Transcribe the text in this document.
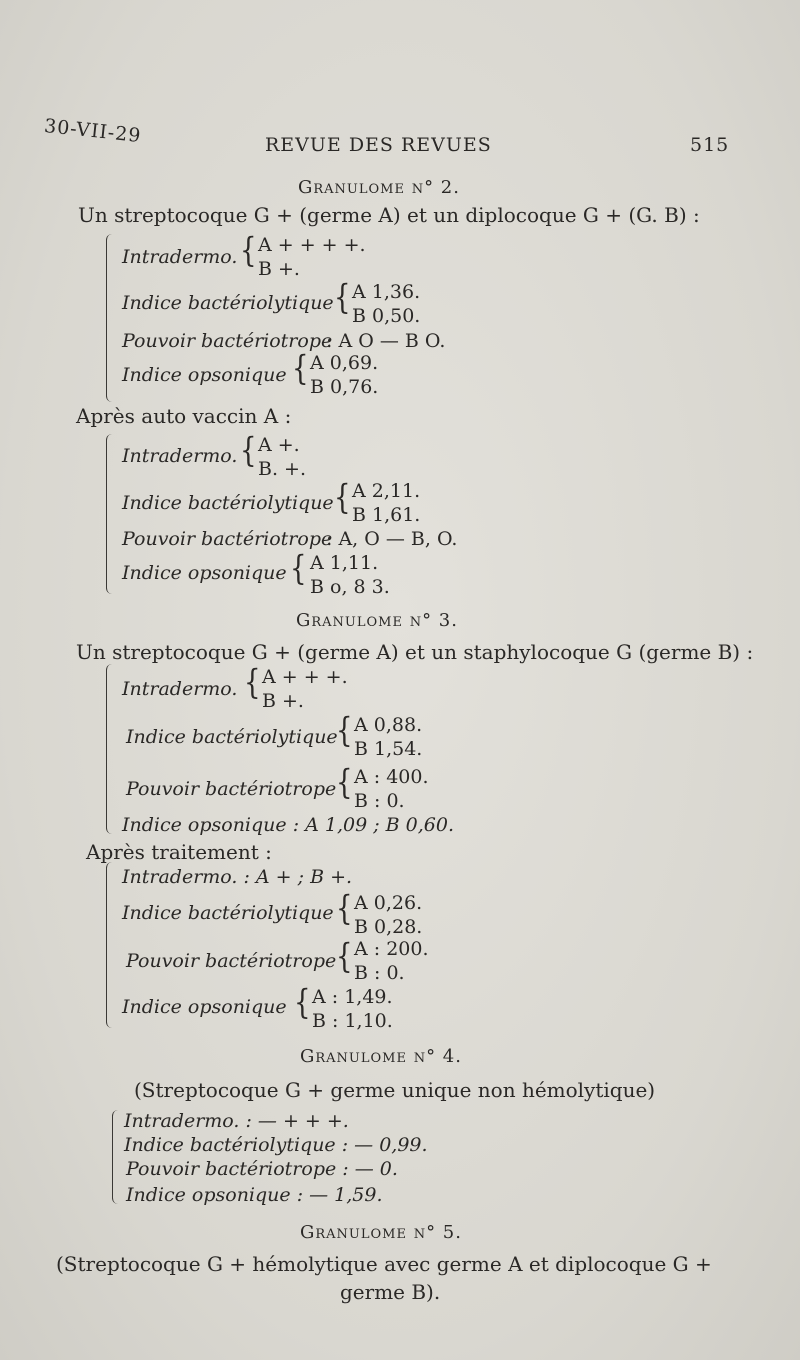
30-VII-29	REVUE DES REVUES	515
Granulome n° 2.
Un streptocoque G + (germe A) et un diplocoque G + (G. B) :
Intradermo. { A + + + +.
B +.
Indice bactériolytique { A 1,36.
B 0,50.
Pouvoir bactériotrope
: A O — B O.
Indice opsonique { A 0,69.
B 0,76.
Après auto vaccin A :
Intradermo. { A +.
B. +.
Indice bactériolytique { A 2,11.
B 1,61.
Pouvoir bactériotrope
: A, O — B, O.
Indice opsonique { A 1,11.
B o, 8 3.
Granulome n° 3.
Un streptocoque G + (germe A) et un staphylocoque G (germe B) :
Intradermo. { A + + +.
B +.
Indice bactériolytique
{ A 0,88.
B 1,54.
Pouvoir bactériotrope { A : 400.
B : 0.
Indice opsonique : A 1,09 ; B 0,60.
Après traitement :
Intradermo. : A + ; B +.
Indice bactériolytique { A 0,26.
B 0,28.
Pouvoir bactériotrope { A : 200.
B : 0.
Indice opsonique { A : 1,49.
B : 1,10.
Granulome n° 4.
(Streptocoque G + germe unique non hémolytique)
Intradermo. : — + + +.
Indice bactériolytique : — 0,99.
Pouvoir bactériotrope : — 0.
Indice opsonique : — 1,59.
Granulome n° 5.
(Streptocoque G + hémolytique avec germe A et diplocoque G +
germe B).
